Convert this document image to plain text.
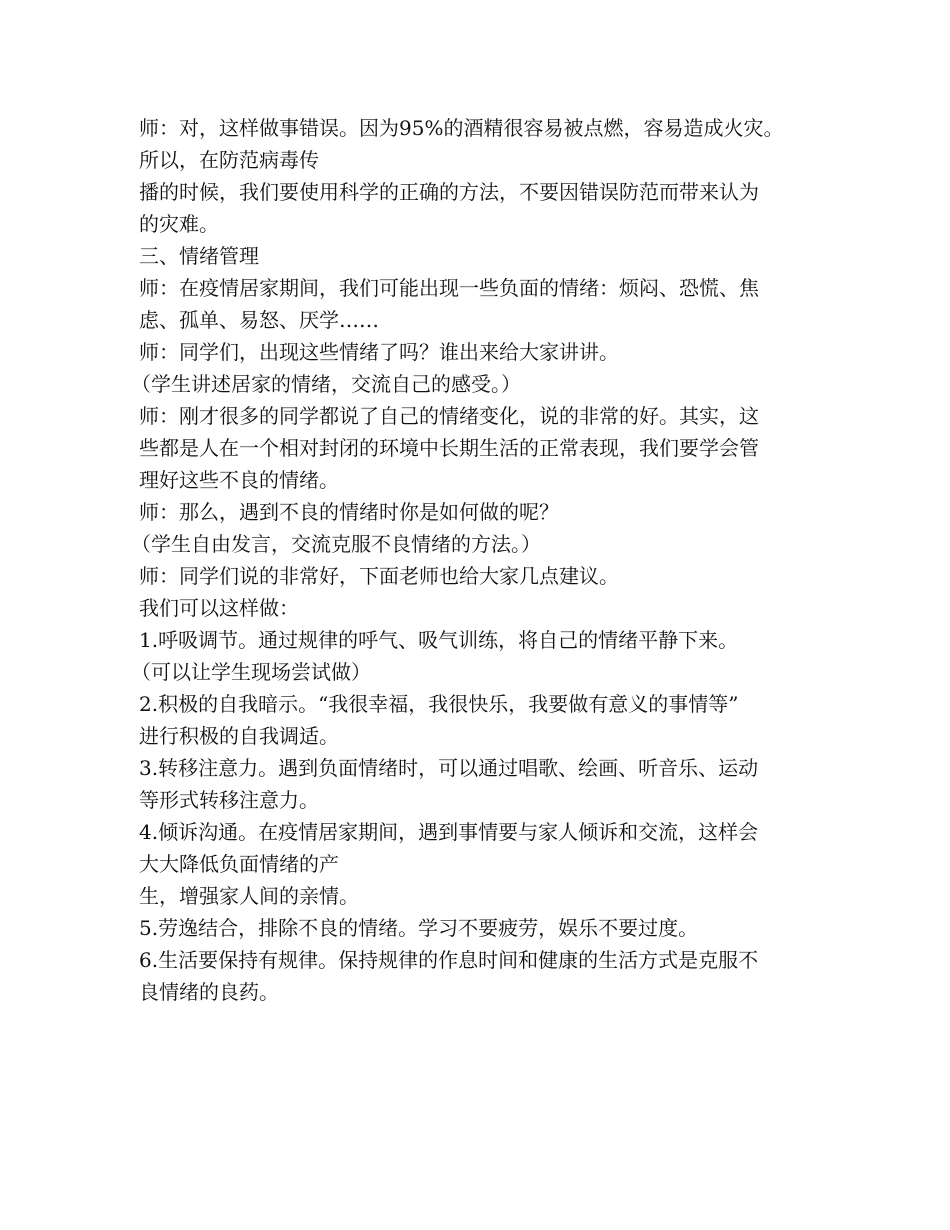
师：对，这样做事错误。因为95%的酒精很容易被点燃，容易造成火灾。

所以，在防范病毒传

播的时候，我们要使用科学的正确的方法，不要因错误防范而带来认为

的灾难。

三、情绪管理

师：在疫情居家期间，我们可能出现一些负面的情绪：烦闷、恐慌、焦

虑、孤单、易怒、厌学……

师：同学们，出现这些情绪了吗？谁出来给大家讲讲。

（学生讲述居家的情绪，交流自己的感受。）

师：刚才很多的同学都说了自己的情绪变化，说的非常的好。其实，这

些都是人在一个相对封闭的环境中长期生活的正常表现，我们要学会管

理好这些不良的情绪。

师：那么，遇到不良的情绪时你是如何做的呢？

（学生自由发言，交流克服不良情绪的方法。）

师：同学们说的非常好，下面老师也给大家几点建议。

我们可以这样做：

1.呼吸调节。通过规律的呼气、吸气训练，将自己的情绪平静下来。

（可以让学生现场尝试做）

2.积极的自我暗示。“我很幸福，我很快乐，我要做有意义的事情等”

进行积极的自我调适。

3.转移注意力。遇到负面情绪时，可以通过唱歌、绘画、听音乐、运动

等形式转移注意力。

4.倾诉沟通。在疫情居家期间，遇到事情要与家人倾诉和交流，这样会

大大降低负面情绪的产

生，增强家人间的亲情。

5.劳逸结合，排除不良的情绪。学习不要疲劳，娱乐不要过度。

6.生活要保持有规律。保持规律的作息时间和健康的生活方式是克服不

良情绪的良药。
